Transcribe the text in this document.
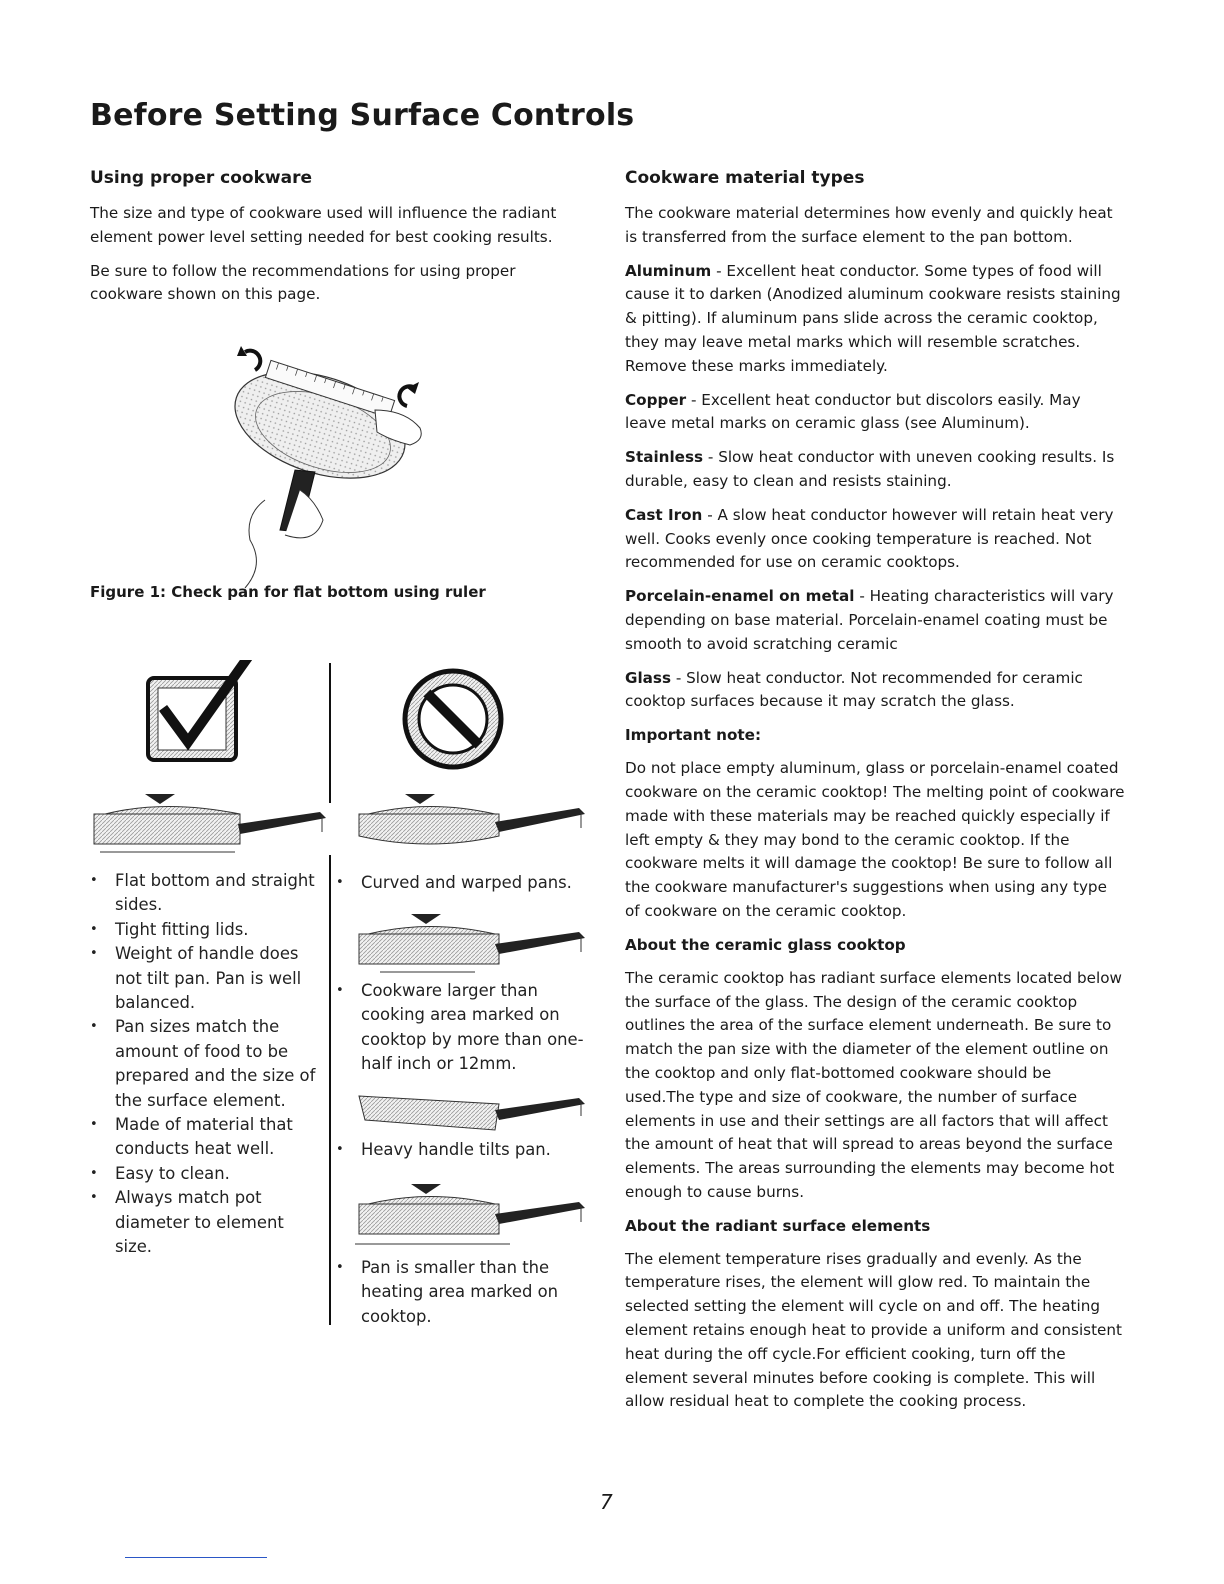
Before Setting Surface Controls
Using proper cookware

The size and type of cookware used will influence the radiant element power level setting needed for best cooking results.

Be sure to follow the recommendations for using proper cookware shown on this page.

Figure 1: Check pan for flat bottom using ruler
• Flat bottom and straight sides.
• Tight fitting lids.
• Weight of handle does not tilt pan. Pan is well balanced.
• Pan sizes match the amount of food to be prepared and the size of the surface element.
• Made of material that conducts heat well.
• Easy to clean.
• Always match pot diameter to element size.
• Curved and warped pans.
• Cookware larger than cooking area marked on cooktop by more than one-half inch or 12mm.
• Heavy handle tilts pan.
• Pan is smaller than the heating area marked on cooktop.
Cookware material types

The cookware material determines how evenly and quickly heat is transferred from the surface element to the pan bottom.

Aluminum - Excellent heat conductor. Some types of food will cause it to darken (Anodized aluminum cookware resists staining & pitting). If aluminum pans slide across the ceramic cooktop, they may leave metal marks which will resemble scratches. Remove these marks immediately.

Copper - Excellent heat conductor but discolors easily. May leave metal marks on ceramic glass (see Aluminum).

Stainless - Slow heat conductor with uneven cooking results. Is durable, easy to clean and resists staining.

Cast Iron - A slow heat conductor however will retain heat very well. Cooks evenly once cooking temperature is reached. Not recommended for use on ceramic cooktops.

Porcelain-enamel on metal - Heating characteristics will vary depending on base material. Porcelain-enamel coating must be smooth to avoid scratching ceramic

Glass - Slow heat conductor. Not recommended for ceramic cooktop surfaces because it may scratch the glass.

Important note:

Do not place empty aluminum, glass or porcelain-enamel coated cookware on the ceramic cooktop! The melting point of cookware made with these materials may be reached quickly especially if left empty & they may bond to the ceramic cooktop. If the cookware melts it will damage the cooktop! Be sure to follow all the cookware manufacturer's suggestions when using any type of cookware on the ceramic cooktop.

About the ceramic glass cooktop

The ceramic cooktop has radiant surface elements located below the surface of the glass. The design of the ceramic cooktop outlines the area of the surface element underneath. Be sure to match the pan size with the diameter of the element outline on the cooktop and only flat-bottomed cookware should be used.The type and size of cookware, the number of surface elements in use and their settings are all factors that will affect the amount of heat that will spread to areas beyond the surface elements. The areas surrounding the elements may become hot enough to cause burns.

About the radiant surface elements

The element temperature rises gradually and evenly. As the temperature rises, the element will glow red. To maintain the selected setting the element will cycle on and off. The heating element retains enough heat to provide a uniform and consistent heat during the off cycle.For efficient cooking, turn off the element several minutes before cooking is complete. This will allow residual heat to complete the cooking process.

7
